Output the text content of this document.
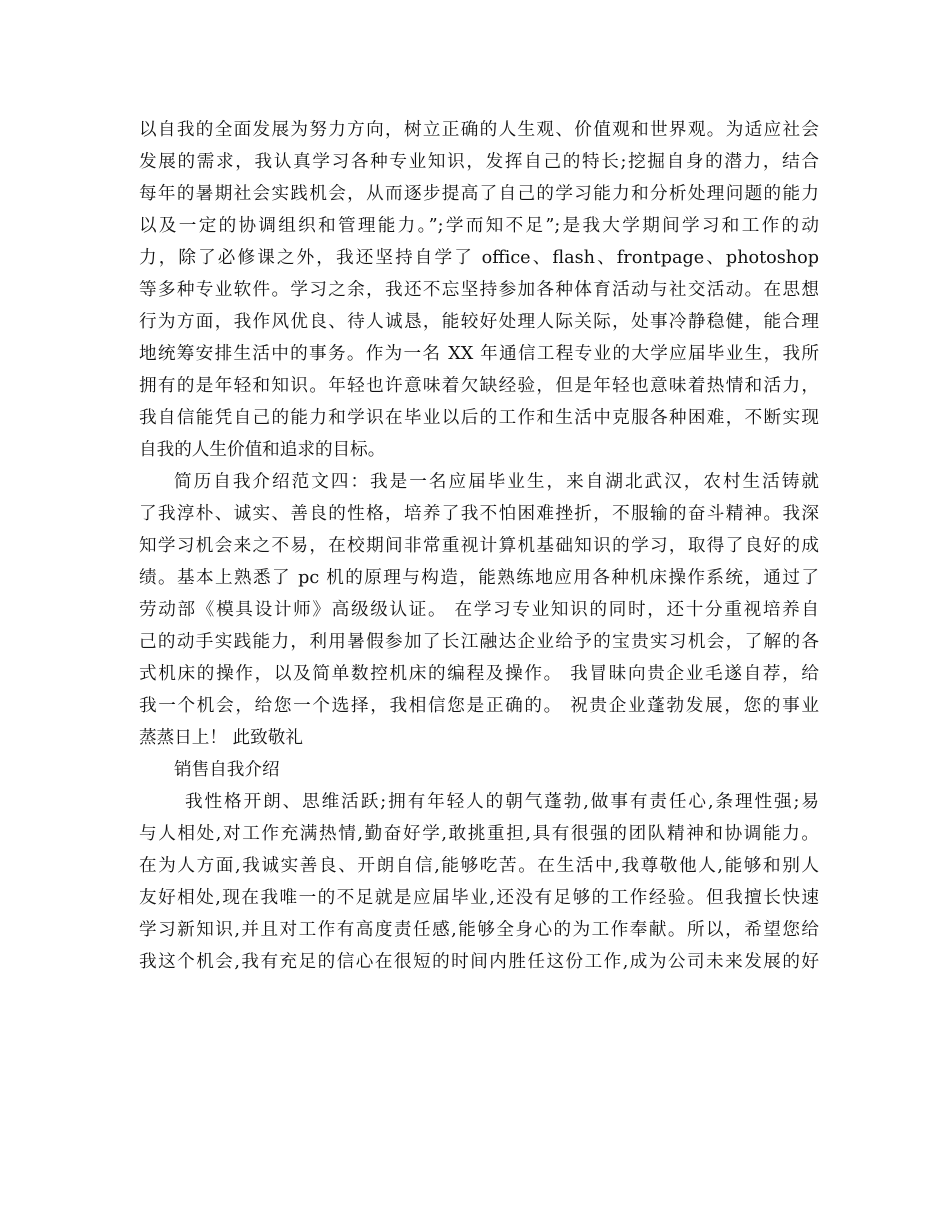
以自我的全面发展为努力方向，树立正确的人生观、价值观和世界观。为适应社会
发展的需求，我认真学习各种专业知识，发挥自己的特长;挖掘自身的潜力，结合
每年的暑期社会实践机会，从而逐步提高了自己的学习能力和分析处理问题的能力
以及一定的协调组织和管理能力。”;学而知不足”;是我大学期间学习和工作的动
力，除了必修课之外，我还坚持自学了 office、flash、frontpage、photoshop
等多种专业软件。学习之余，我还不忘坚持参加各种体育活动与社交活动。在思想
行为方面，我作风优良、待人诚恳，能较好处理人际关际，处事冷静稳健，能合理
地统筹安排生活中的事务。作为一名 XX 年通信工程专业的大学应届毕业生，我所
拥有的是年轻和知识。年轻也许意味着欠缺经验，但是年轻也意味着热情和活力，
我自信能凭自己的能力和学识在毕业以后的工作和生活中克服各种困难，不断实现
自我的人生价值和追求的目标。
简历自我介绍范文四：我是一名应届毕业生，来自湖北武汉，农村生活铸就
了我淳朴、诚实、善良的性格，培养了我不怕困难挫折，不服输的奋斗精神。我深
知学习机会来之不易，在校期间非常重视计算机基础知识的学习，取得了良好的成
绩。基本上熟悉了 pc 机的原理与构造，能熟练地应用各种机床操作系统，通过了
劳动部《模具设计师》高级级认证。 在学习专业知识的同时，还十分重视培养自
己的动手实践能力，利用暑假参加了长江融达企业给予的宝贵实习机会，了解的各
式机床的操作，以及简单数控机床的编程及操作。 我冒昧向贵企业毛遂自荐，给
我一个机会，给您一个选择，我相信您是正确的。 祝贵企业蓬勃发展，您的事业
蒸蒸日上！ 此致敬礼
销售自我介绍
我性格开朗、思维活跃;拥有年轻人的朝气蓬勃,做事有责任心,条理性强;易
与人相处,对工作充满热情,勤奋好学,敢挑重担,具有很强的团队精神和协调能力。
在为人方面,我诚实善良、开朗自信,能够吃苦。在生活中,我尊敬他人,能够和别人
友好相处,现在我唯一的不足就是应届毕业,还没有足够的工作经验。但我擅长快速
学习新知识,并且对工作有高度责任感,能够全身心的为工作奉献。所以，希望您给
我这个机会,我有充足的信心在很短的时间内胜任这份工作,成为公司未来发展的好
